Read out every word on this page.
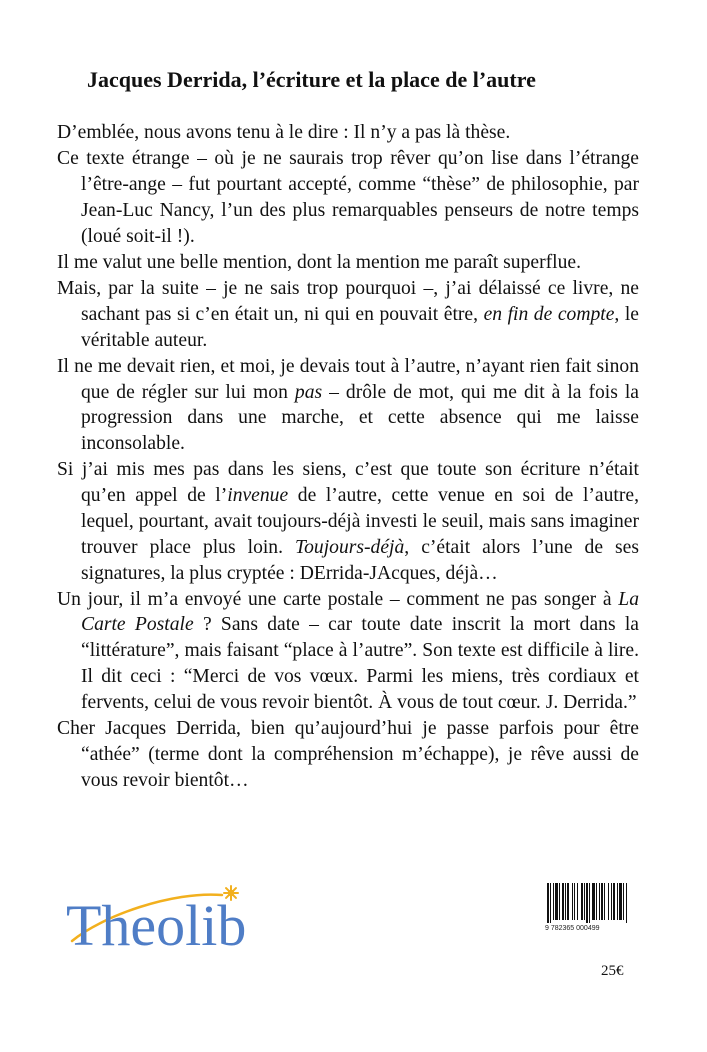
Jacques Derrida, l’écriture et la place de l’autre

D’emblée, nous avons tenu à le dire : Il n’y a pas là thèse.

Ce texte étrange – où je ne saurais trop rêver qu’on lise dans l’étrange l’être-ange – fut pourtant accepté, comme “thèse” de philosophie, par Jean-Luc Nancy, l’un des plus remarquables penseurs de notre temps (loué soit-il !).

Il me valut une belle mention, dont la mention me paraît superflue.

Mais, par la suite – je ne sais trop pourquoi –, j’ai délaissé ce livre, ne sachant pas si c’en était un, ni qui en pouvait être, en fin de compte, le véritable auteur.

Il ne me devait rien, et moi, je devais tout à l’autre, n’ayant rien fait sinon que de régler sur lui mon pas – drôle de mot, qui me dit à la fois la progression dans une marche, et cette absence qui me laisse inconsolable.

Si j’ai mis mes pas dans les siens, c’est que toute son écriture n’était qu’en appel de l’invenue de l’autre, cette venue en soi de l’autre, lequel, pourtant, avait toujours-déjà investi le seuil, mais sans imaginer trouver place plus loin. Toujours-déjà, c’était alors l’une de ses signatures, la plus cryptée : DErrida-JAcques, déjà…

Un jour, il m’a envoyé une carte postale – comment ne pas songer à La Carte Postale ? Sans date – car toute date inscrit la mort dans la “littérature”, mais faisant “place à l’autre”. Son texte est difficile à lire. Il dit ceci : “Merci de vos vœux. Parmi les miens, très cordiaux et fervents, celui de vous revoir bientôt. À vous de tout cœur. J. Derrida.”

Cher Jacques Derrida, bien qu’aujourd’hui je passe parfois pour être “athée” (terme dont la compréhension m’échappe), je rêve aussi de vous revoir bientôt…

Theolib	9 782365 000499
25€
